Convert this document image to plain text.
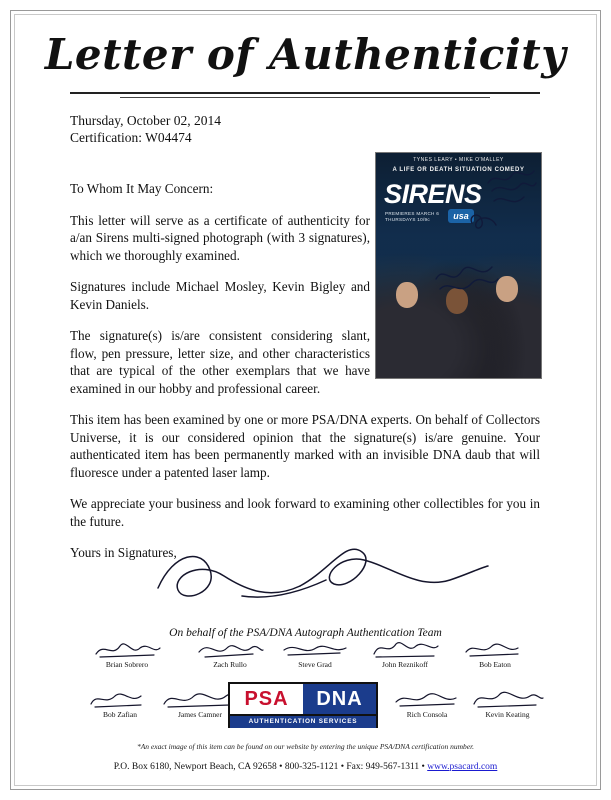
Letter of Authenticity
Thursday, October 02, 2014
Certification: W04474
TYNES LEARY • MIKE O'MALLEY
A LIFE OR DEATH SITUATION COMEDY
SIRENS
PREMIERES MARCH 6
THURSDAYS 10/9c	usa

To Whom It May Concern:

This letter will serve as a certificate of authenticity for a/an Sirens multi-signed photograph (with 3 signatures), which we thoroughly examined.

Signatures include Michael Mosley, Kevin Bigley and Kevin Daniels.

The signature(s) is/are consistent considering slant, flow, pen pressure, letter size, and other characteristics that are typical of the other exemplars that we have examined in our hobby and professional career.

This item has been examined by one or more PSA/DNA experts. On behalf of Collectors Universe, it is our considered opinion that the signature(s) is/are genuine. Your authenticated item has been permanently marked with an invisible DNA daub that will fluoresce under a patented laser lamp.

We appreciate your business and look forward to examining other collectibles for you in the future.

Yours in Signatures,

On behalf of the PSA/DNA Autograph Authentication Team
Brian Sobrero	Zach Rullo	Steve Grad	John Reznikoff	Bob Eaton
Bob Zafian	James Camner	Rich Consola	Kevin Keating
PSA	DNA
AUTHENTICATION SERVICES
*An exact image of this item can be found on our website by entering the unique PSA/DNA certification number.
P.O. Box 6180, Newport Beach, CA 92658 • 800-325-1121 • Fax: 949-567-1311 • www.psacard.com
